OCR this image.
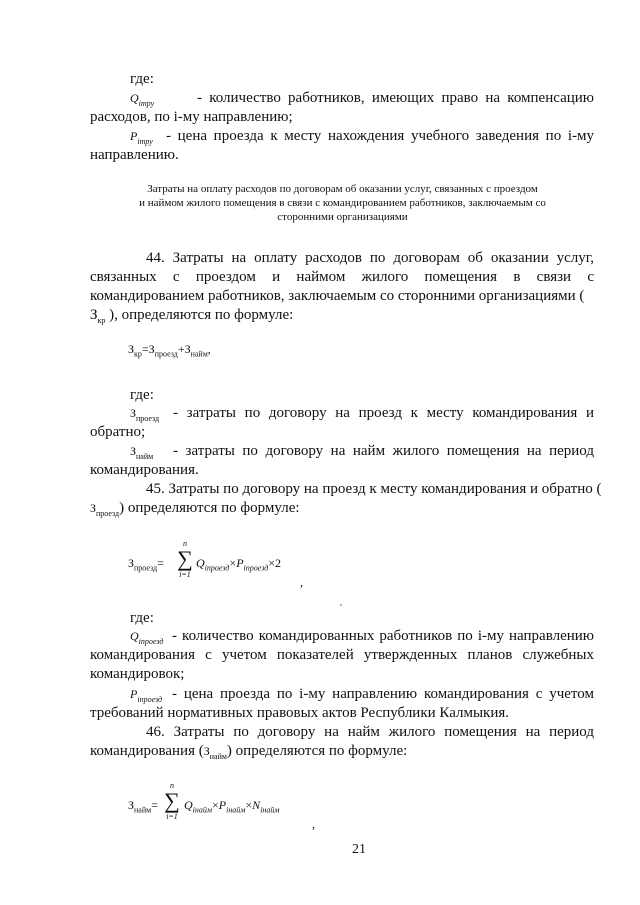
где:
$Q_{iтру}$	- количество работников, имеющих право на компенсацию
расходов, по i-му направлению;
$P_{iтру}$ - цена проезда к месту нахождения учебного заведения по i-му
направлению.
Затраты на оплату расходов по договорам об оказании услуг, связанных с проездом
и наймом жилого помещения в связи с командированием работников, заключаемым со
сторонними организациями
44. Затраты на оплату расходов по договорам об оказании услуг,
связанных с проездом и наймом жилого помещения в связи с
командированием работников, заключаемым со сторонними организациями (
$З_{кр}$ ), определяются по формуле:
$З_{кр}=З_{проезд}+З_{найм}$,
где:
$З_{проезд}$ - затраты по договору на проезд к месту командирования и
обратно;
$З_{найм}$ - затраты по договору на найм жилого помещения на период
командирования.
45. Затраты по договору на проезд к месту командирования и обратно (
$З_{проезд}$) определяются по формуле:
$З_{проезд}=$
n
∑
i=1
$Q_{iпроезд}\times P_{iпроезд}\times 2$
,
где:
$Q_{iпроезд}$ - количество командированных работников по i-му направлению
командирования с учетом показателей утвержденных планов служебных
командировок;
$P_{iпроезд}$ - цена проезда по i-му направлению командирования с учетом
требований нормативных правовых актов Республики Калмыкия.
46. Затраты по договору на найм жилого помещения на период
командирования $(З_{найм})$ определяются по формуле:
$З_{найм}=$
n
∑
i=1
$Q_{iнайм}\times P_{iнайм}\times N_{iнайм}$
,
21
